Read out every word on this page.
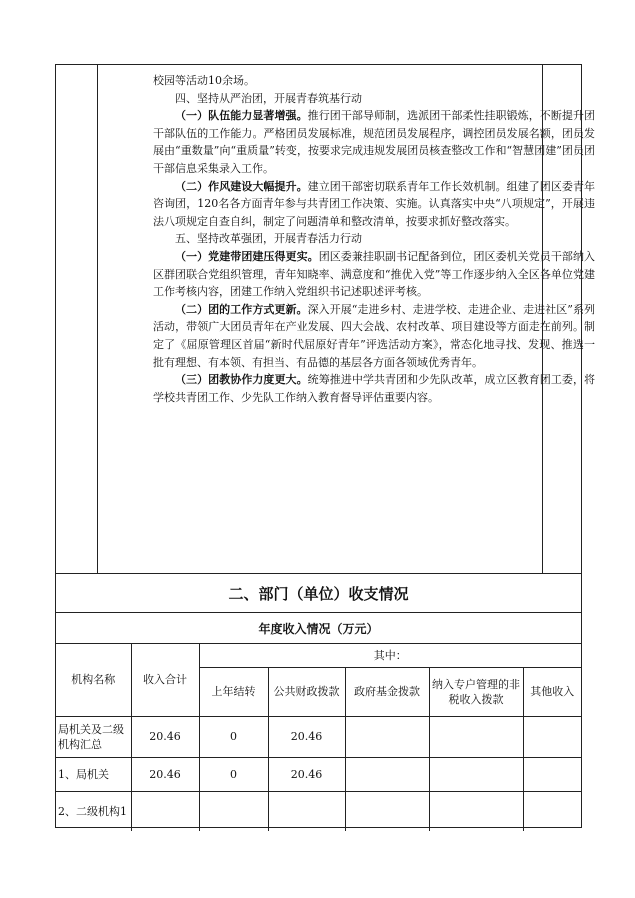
校园等活动10余场。

四、坚持从严治团，开展青春筑基行动

（一）队伍能力显著增强。推行团干部导师制，选派团干部柔性挂职锻炼，不断提升团干部队伍的工作能力。严格团员发展标准，规范团员发展程序，调控团员发展名额，团员发展由“重数量”向“重质量”转变，按要求完成违规发展团员核查整改工作和“智慧团建”团员团干部信息采集录入工作。

（二）作风建设大幅提升。建立团干部密切联系青年工作长效机制。组建了团区委青年咨询团，120名各方面青年参与共青团工作决策、实施。认真落实中央“八项规定”，开展违法八项规定自查自纠，制定了问题清单和整改清单，按要求抓好整改落实。

五、坚持改革强团，开展青春活力行动

（一）党建带团建压得更实。团区委兼挂职副书记配备到位，团区委机关党员干部纳入区群团联合党组织管理，青年知晓率、满意度和“推优入党”等工作逐步纳入全区各单位党建工作考核内容，团建工作纳入党组织书记述职述评考核。

（二）团的工作方式更新。深入开展“走进乡村、走进学校、走进企业、走进社区”系列活动，带领广大团员青年在产业发展、四大会战、农村改革、项目建设等方面走在前列。制定了《屈原管理区首届“新时代屈原好青年”评选活动方案》，常态化地寻找、发现、推选一批有理想、有本领、有担当、有品德的基层各方面各领域优秀青年。

（三）团教协作力度更大。统筹推进中学共青团和少先队改革，成立区教育团工委，将学校共青团工作、少先队工作纳入教育督导评估重要内容。

二、部门（单位）收支情况
年度收入情况（万元）
机构名称	收入合计	其中：				
		上年结转	公共财政拨款	政府基金拨款	纳入专户管理的非税收入拨款	其他收入
局机关及二级机构汇总	20.46	0	20.46			
1、局机关	20.46	0	20.46			
2、二级机构1						
